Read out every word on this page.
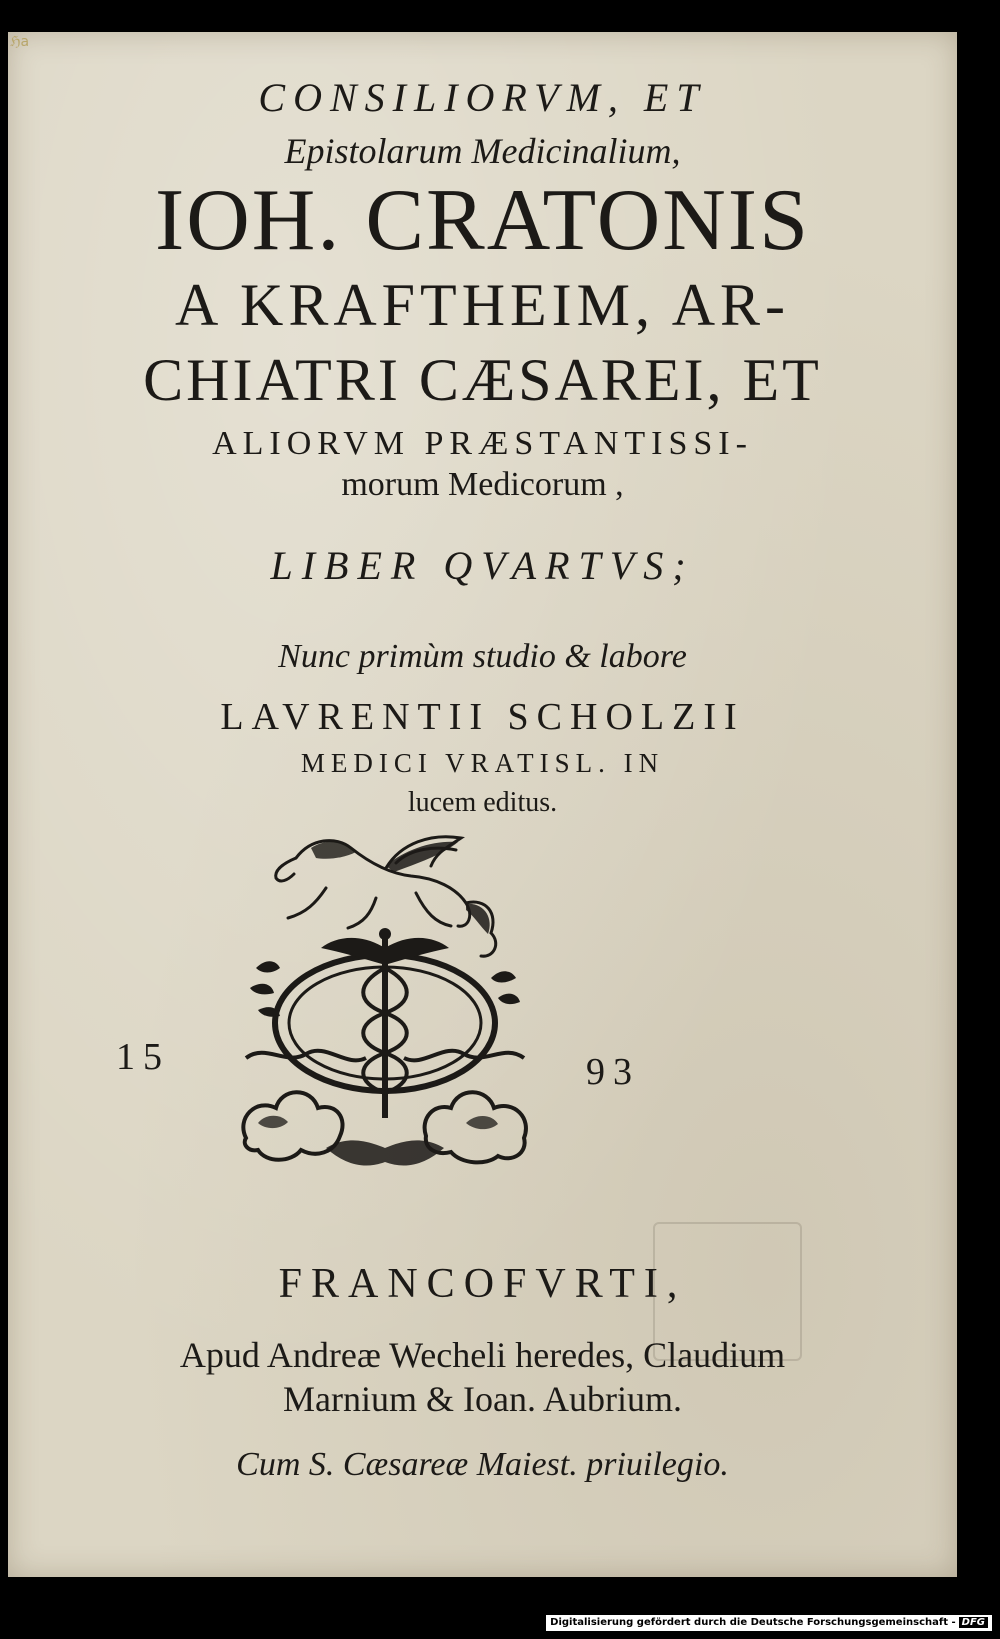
ℌa
CONSILIORVM, ET
Epistolarum Medicinalium,
IOH. CRATONIS
A KRAFTHEIM, AR-
CHIATRI CÆSAREI, ET
ALIORVM PRÆSTANTISSI-
morum Medicorum ,
LIBER QVARTVS;
Nunc primùm studio & labore
LAVRENTII SCHOLZII
MEDICI VRATISL. IN
lucem editus.
15	93
FRANCOFVRTI,
Apud Andreæ Wecheli heredes, Claudium
Marnium & Ioan. Aubrium.
Cum S. Cæsareæ Maiest. priuilegio.
Digitalisierung gefördert durch die Deutsche Forschungsgemeinschaft - DFG
